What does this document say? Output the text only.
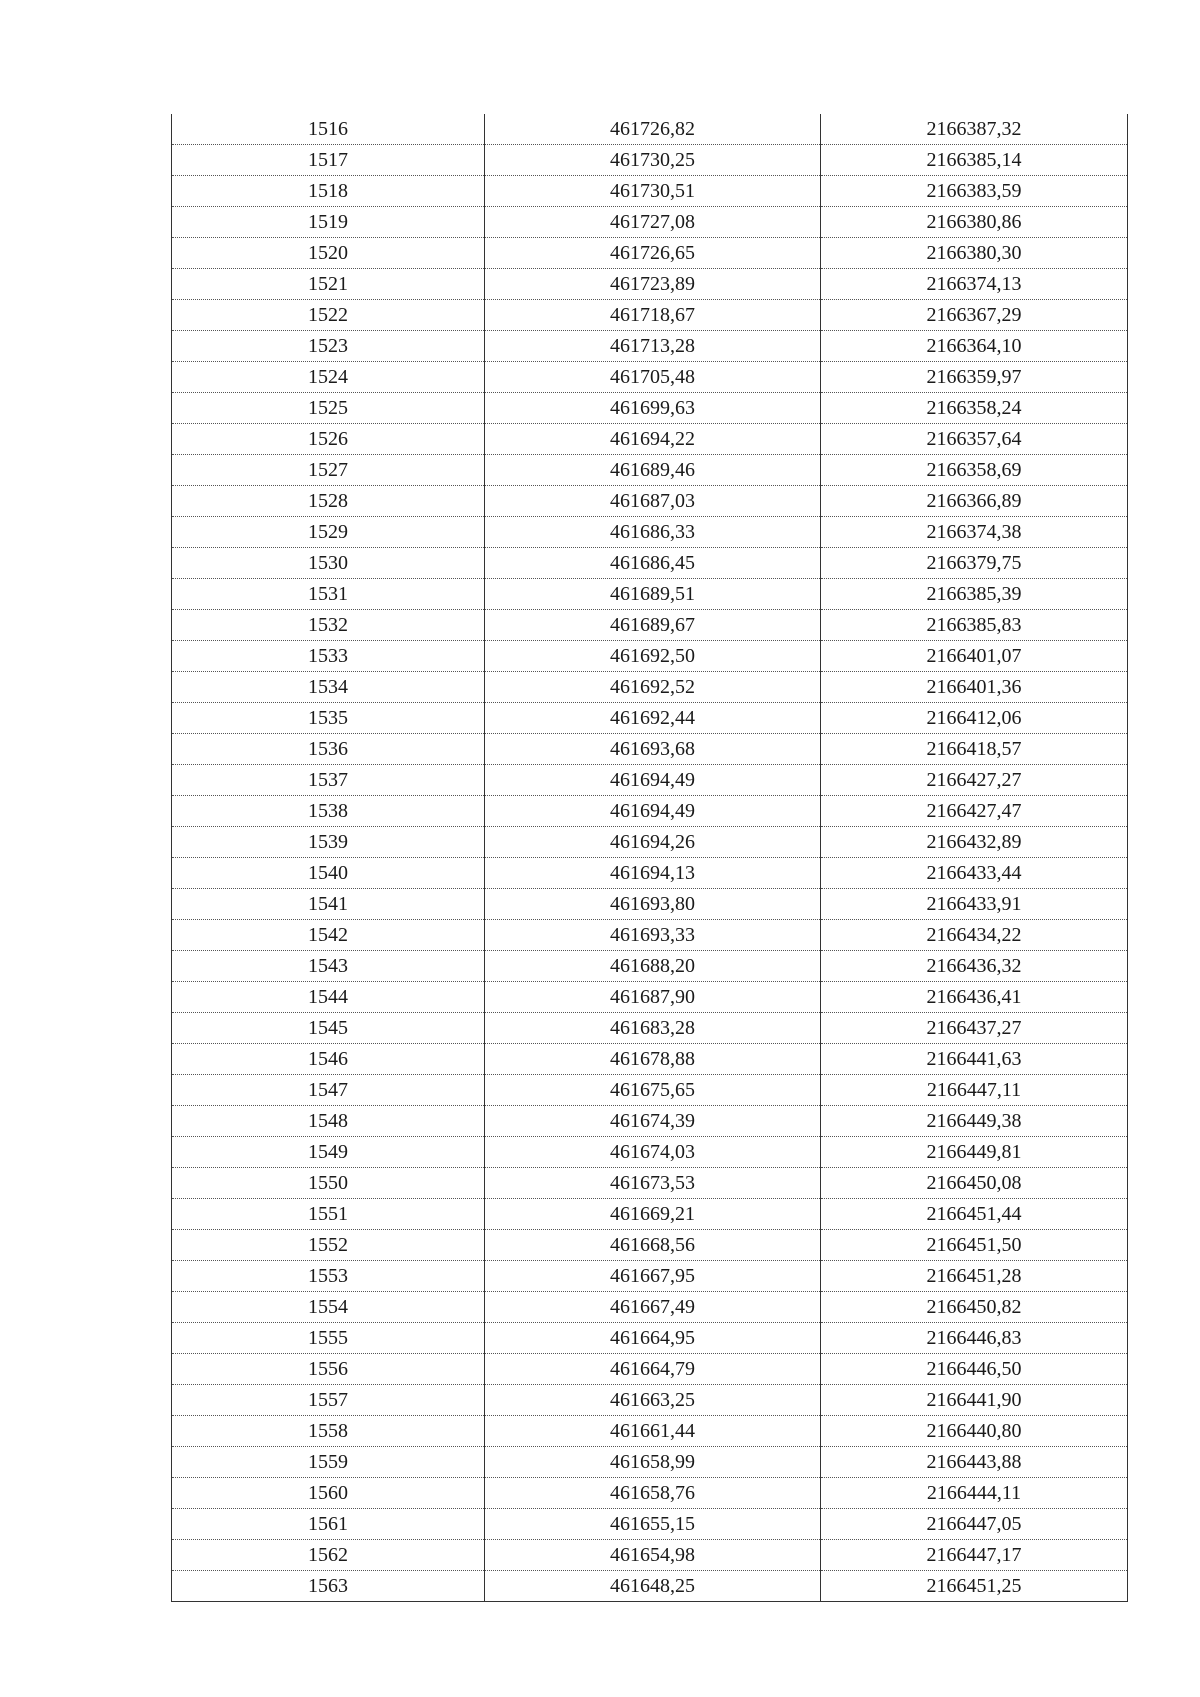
1516	461726,82	2166387,32
1517	461730,25	2166385,14
1518	461730,51	2166383,59
1519	461727,08	2166380,86
1520	461726,65	2166380,30
1521	461723,89	2166374,13
1522	461718,67	2166367,29
1523	461713,28	2166364,10
1524	461705,48	2166359,97
1525	461699,63	2166358,24
1526	461694,22	2166357,64
1527	461689,46	2166358,69
1528	461687,03	2166366,89
1529	461686,33	2166374,38
1530	461686,45	2166379,75
1531	461689,51	2166385,39
1532	461689,67	2166385,83
1533	461692,50	2166401,07
1534	461692,52	2166401,36
1535	461692,44	2166412,06
1536	461693,68	2166418,57
1537	461694,49	2166427,27
1538	461694,49	2166427,47
1539	461694,26	2166432,89
1540	461694,13	2166433,44
1541	461693,80	2166433,91
1542	461693,33	2166434,22
1543	461688,20	2166436,32
1544	461687,90	2166436,41
1545	461683,28	2166437,27
1546	461678,88	2166441,63
1547	461675,65	2166447,11
1548	461674,39	2166449,38
1549	461674,03	2166449,81
1550	461673,53	2166450,08
1551	461669,21	2166451,44
1552	461668,56	2166451,50
1553	461667,95	2166451,28
1554	461667,49	2166450,82
1555	461664,95	2166446,83
1556	461664,79	2166446,50
1557	461663,25	2166441,90
1558	461661,44	2166440,80
1559	461658,99	2166443,88
1560	461658,76	2166444,11
1561	461655,15	2166447,05
1562	461654,98	2166447,17
1563	461648,25	2166451,25
